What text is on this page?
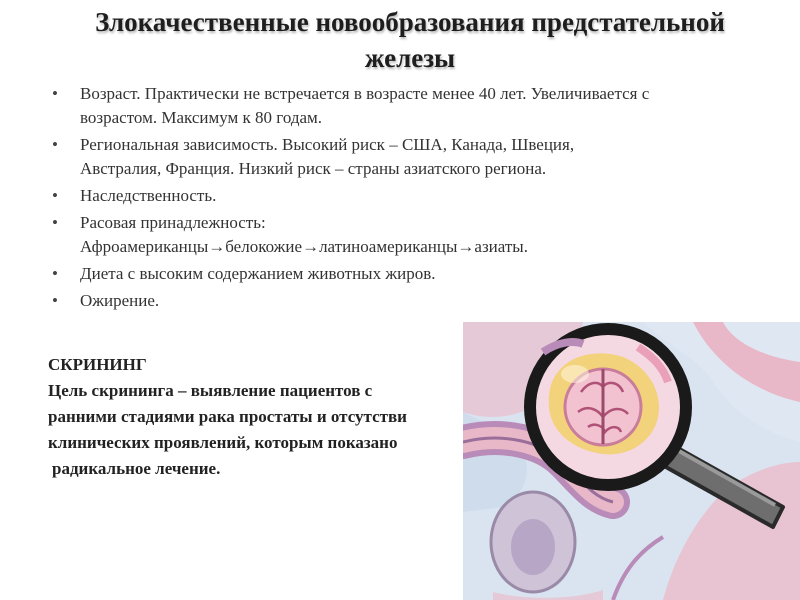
Злокачественные новообразования предстательной
железы
• Возраст. Практически не встречается в возрасте менее 40 лет. Увеличивается с
возрастом. Максимум к 80 годам.
• Региональная зависимость. Высокий риск – США, Канада, Швеция,
Австралия, Франция. Низкий риск – страны азиатского региона.
• Наследственность.
• Расовая принадлежность:
Афроамериканцы→белокожие→латиноамериканцы→азиаты.
• Диета с высоким содержанием животных жиров.
• Ожирение.
СКРИНИНГ
Цель скрининга – выявление пациентов с
ранними стадиями рака простаты и отсутстви
клинических проявлений, которым показано
радикальное лечение.
